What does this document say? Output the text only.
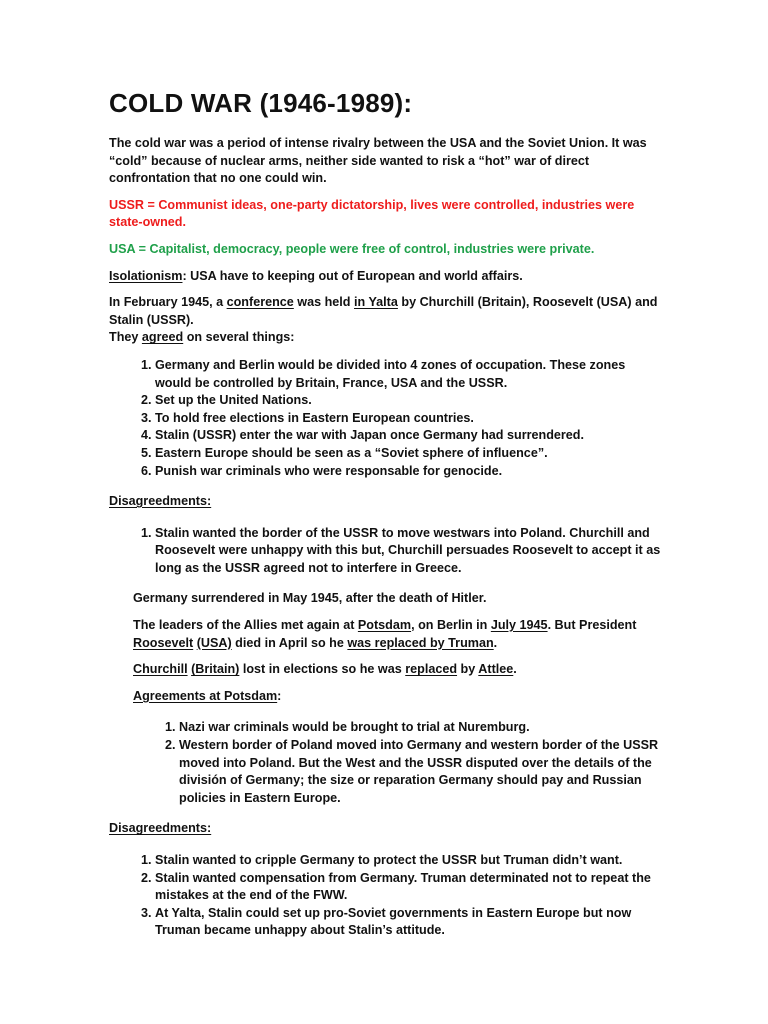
COLD WAR (1946-1989):

The cold war was a period of intense rivalry between the USA and the Soviet Union. It was “cold” because of nuclear arms, neither side wanted to risk a “hot” war of direct confrontation that no one could win.

USSR = Communist ideas, one-party dictatorship, lives were controlled, industries were state-owned.

USA = Capitalist, democracy, people were free of control, industries were private.

Isolationism: USA have to keeping out of European and world affairs.

In February 1945, a conference was held in Yalta by Churchill (Britain), Roosevelt (USA) and Stalin (USSR).

They agreed on several things:

1. Germany and Berlin would be divided into 4 zones of occupation. These zones would be controlled by Britain, France, USA and the USSR.
2. Set up the United Nations.
3. To hold free elections in Eastern European countries.
4. Stalin (USSR) enter the war with Japan once Germany had surrendered.
5. Eastern Europe should be seen as a “Soviet sphere of influence”.
6. Punish war criminals who were responsable for genocide.

Disagreedments:

1. Stalin wanted the border of the USSR to move westwars into Poland. Churchill and Roosevelt were unhappy with this but, Churchill persuades Roosevelt to accept it as long as the USSR agreed not to interfere in Greece.

Germany surrendered in May 1945, after the death of Hitler.

The leaders of the Allies met again at Potsdam, on Berlin in July 1945. But President Roosevelt (USA) died in April so he was replaced by Truman.

Churchill (Britain) lost in elections so he was replaced by Attlee.

Agreements at Potsdam:

1. Nazi war criminals would be brought to trial at Nuremburg.
2. Western border of Poland moved into Germany and western border of the USSR moved into Poland. But the West and the USSR disputed over the details of the división of Germany; the size or reparation Germany should pay and Russian policies in Eastern Europe.

Disagreedments:

1. Stalin wanted to cripple Germany to protect the USSR but Truman didn’t want.
2. Stalin wanted compensation from Germany. Truman determinated not to repeat the mistakes at the end of the FWW.
3. At Yalta, Stalin could set up pro-Soviet governments in Eastern Europe but now Truman became unhappy about Stalin’s attitude.
